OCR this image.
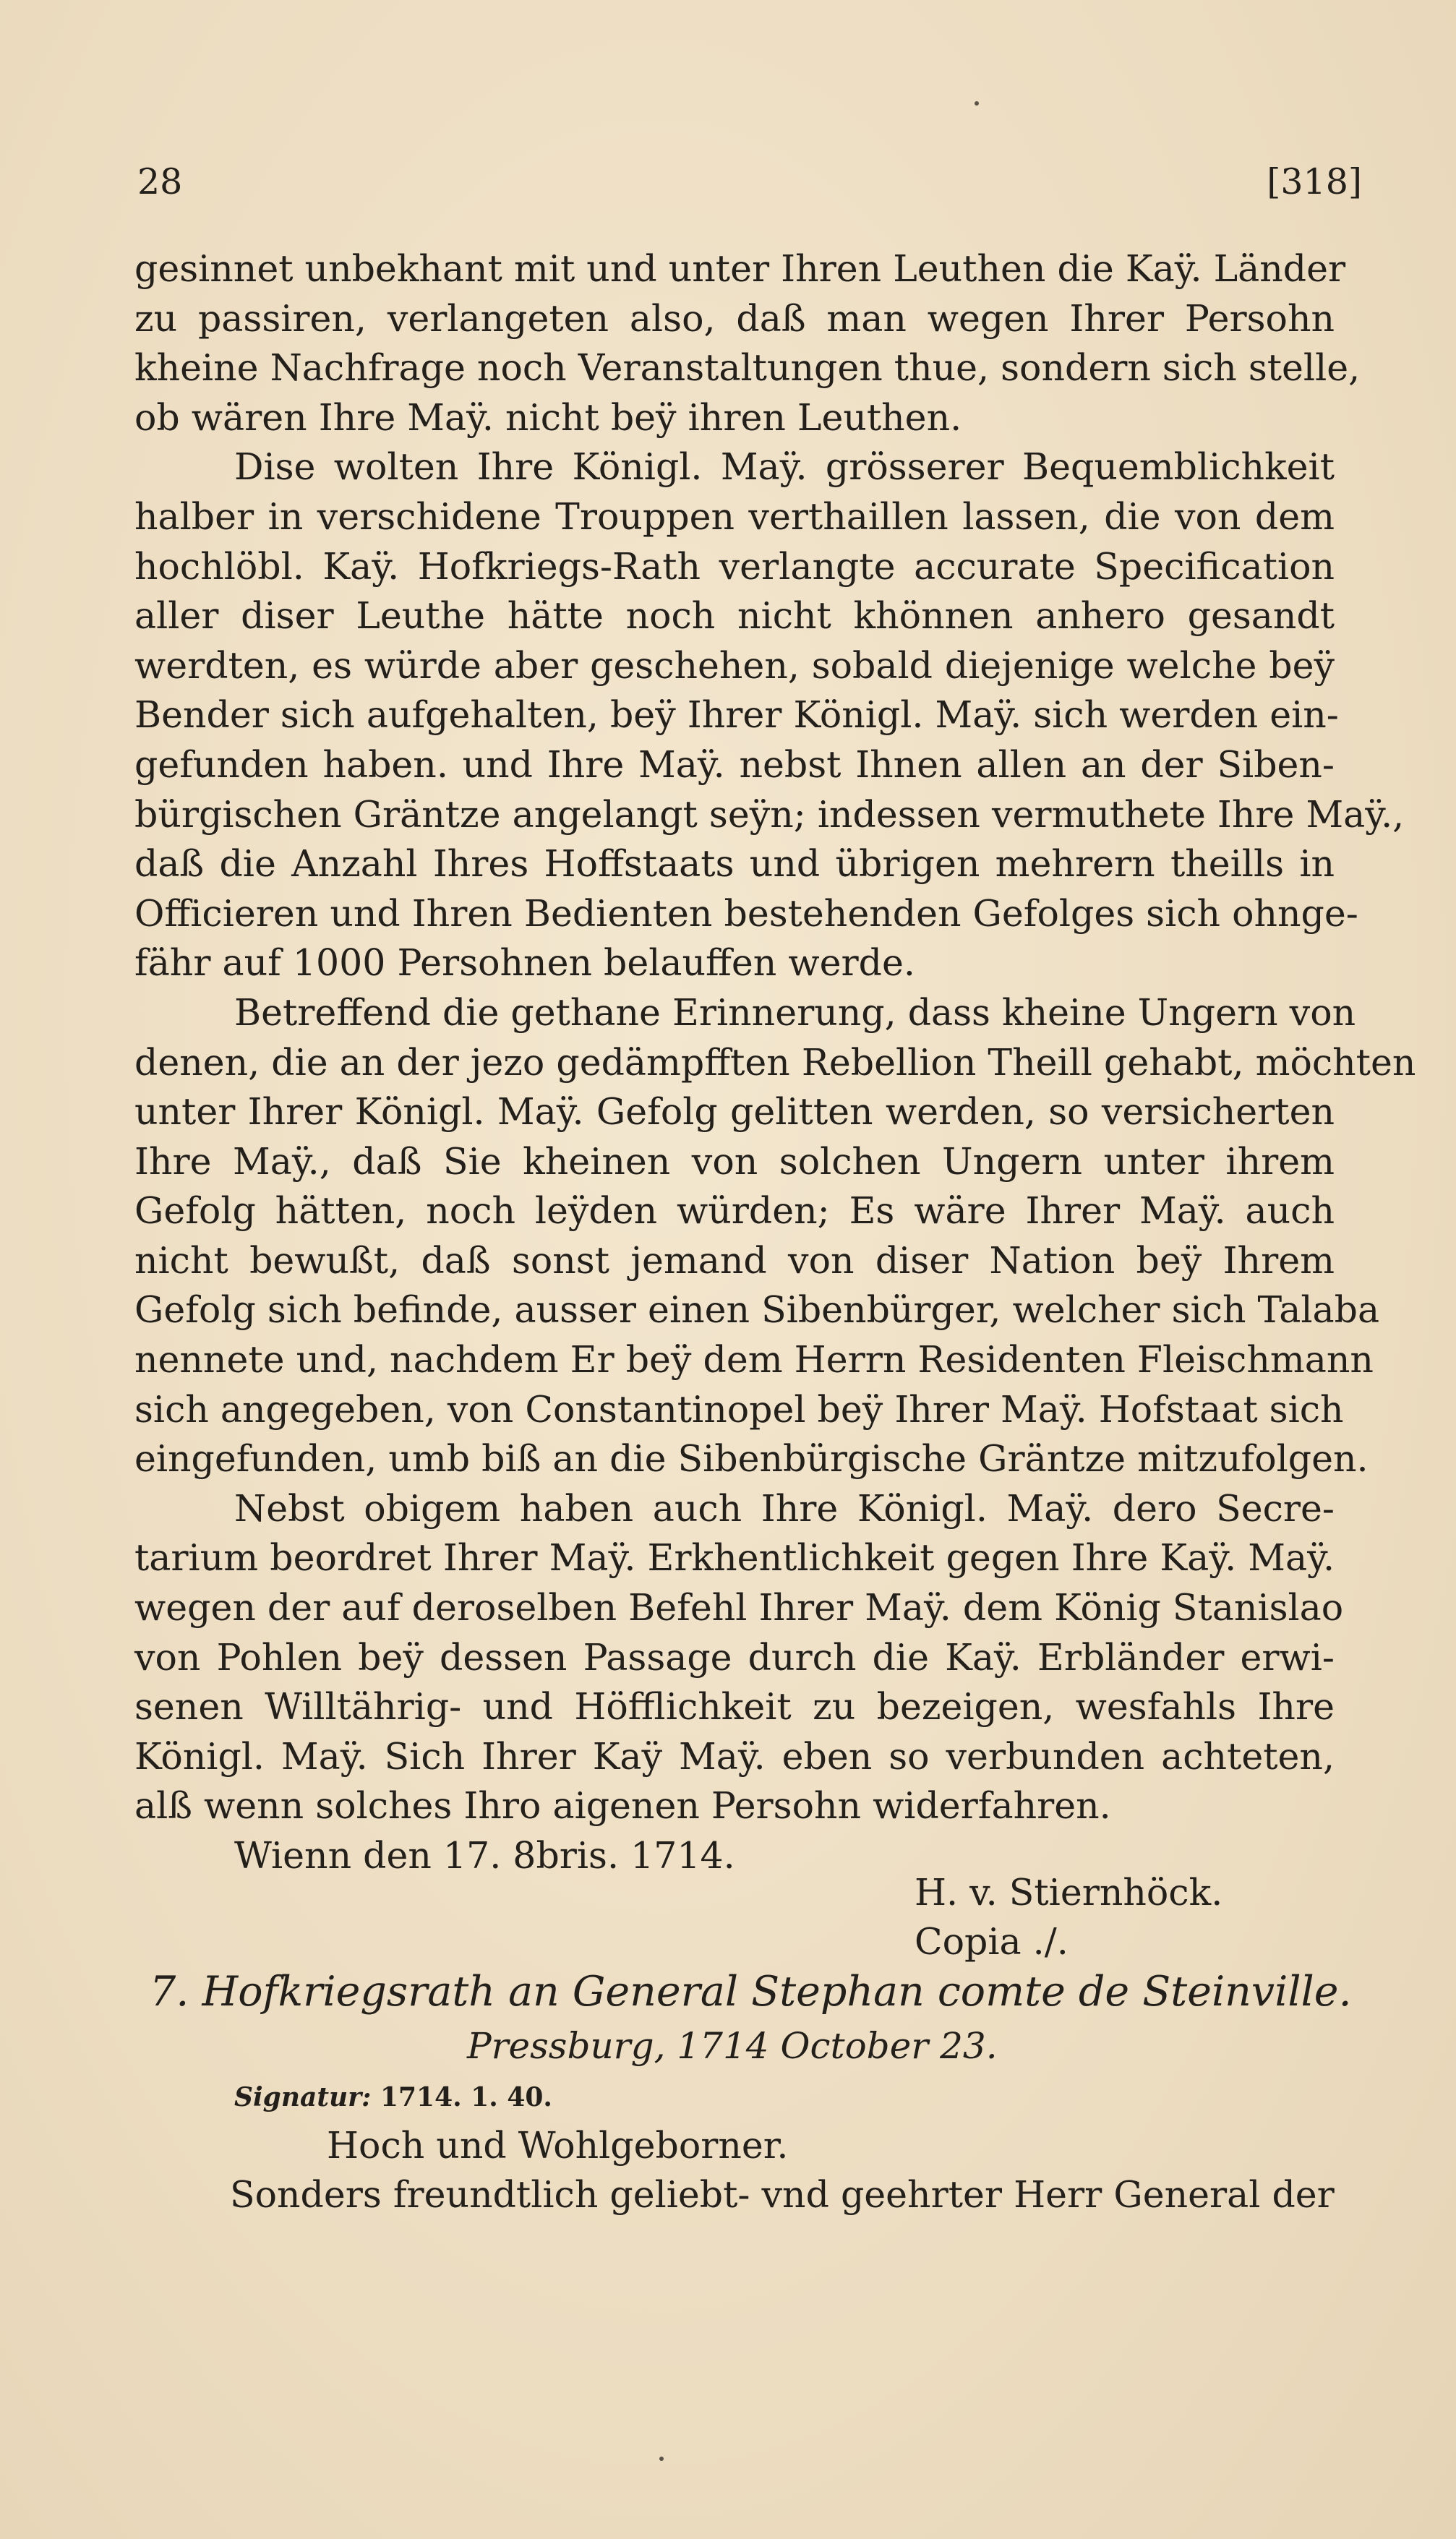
28	[318]
gesinnet unbekhant mit und unter Ihren Leuthen die Kaÿ. Länder
zu passiren, verlangeten also, daß man wegen Ihrer Persohn
kheine Nachfrage noch Veranstaltungen thue, sondern sich stelle,
ob wären Ihre Maÿ. nicht beÿ ihren Leuthen.
Dise wolten Ihre Königl. Maÿ. grösserer Bequemblichkeit
halber in verschidene Trouppen verthaillen lassen, die von dem
hochlöbl. Kaÿ. Hofkriegs-Rath verlangte accurate Specification
aller diser Leuthe hätte noch nicht khönnen anhero gesandt
werdten, es würde aber geschehen, sobald diejenige welche beÿ
Bender sich aufgehalten, beÿ Ihrer Königl. Maÿ. sich werden ein-
gefunden haben. und Ihre Maÿ. nebst Ihnen allen an der Siben-
bürgischen Gräntze angelangt seÿn; indessen vermuthete Ihre Maÿ.,
daß die Anzahl Ihres Hoffstaats und übrigen mehrern theills in
Officieren und Ihren Bedienten bestehenden Gefolges sich ohnge-
fähr auf 1000 Persohnen belauffen werde.
Betreffend die gethane Erinnerung, dass kheine Ungern von
denen, die an der jezo gedämpfften Rebellion Theill gehabt, möchten
unter Ihrer Königl. Maÿ. Gefolg gelitten werden, so versicherten
Ihre Maÿ., daß Sie kheinen von solchen Ungern unter ihrem
Gefolg hätten, noch leÿden würden; Es wäre Ihrer Maÿ. auch
nicht bewußt, daß sonst jemand von diser Nation beÿ Ihrem
Gefolg sich befinde, ausser einen Sibenbürger, welcher sich Talaba
nennete und, nachdem Er beÿ dem Herrn Residenten Fleischmann
sich angegeben, von Constantinopel beÿ Ihrer Maÿ. Hofstaat sich
eingefunden, umb biß an die Sibenbürgische Gräntze mitzufolgen.
Nebst obigem haben auch Ihre Königl. Maÿ. dero Secre-
tarium beordret Ihrer Maÿ. Erkhentlichkeit gegen Ihre Kaÿ. Maÿ.
wegen der auf deroselben Befehl Ihrer Maÿ. dem König Stanislao
von Pohlen beÿ dessen Passage durch die Kaÿ. Erbländer erwi-
senen Willtährig- und Höfflichkeit zu bezeigen, wesfahls Ihre
Königl. Maÿ. Sich Ihrer Kaÿ Maÿ. eben so verbunden achteten,
alß wenn solches Ihro aigenen Persohn widerfahren.
Wienn den 17. 8bris. 1714.
H. v. Stiernhöck.
Copia ./.
7. Hofkriegsrath an General Stephan comte de Steinville.
Pressburg, 1714 October 23.
Signatur: 1714. 1. 40.
Hoch und Wohlgeborner.
Sonders freundtlich geliebt- vnd geehrter Herr General der
